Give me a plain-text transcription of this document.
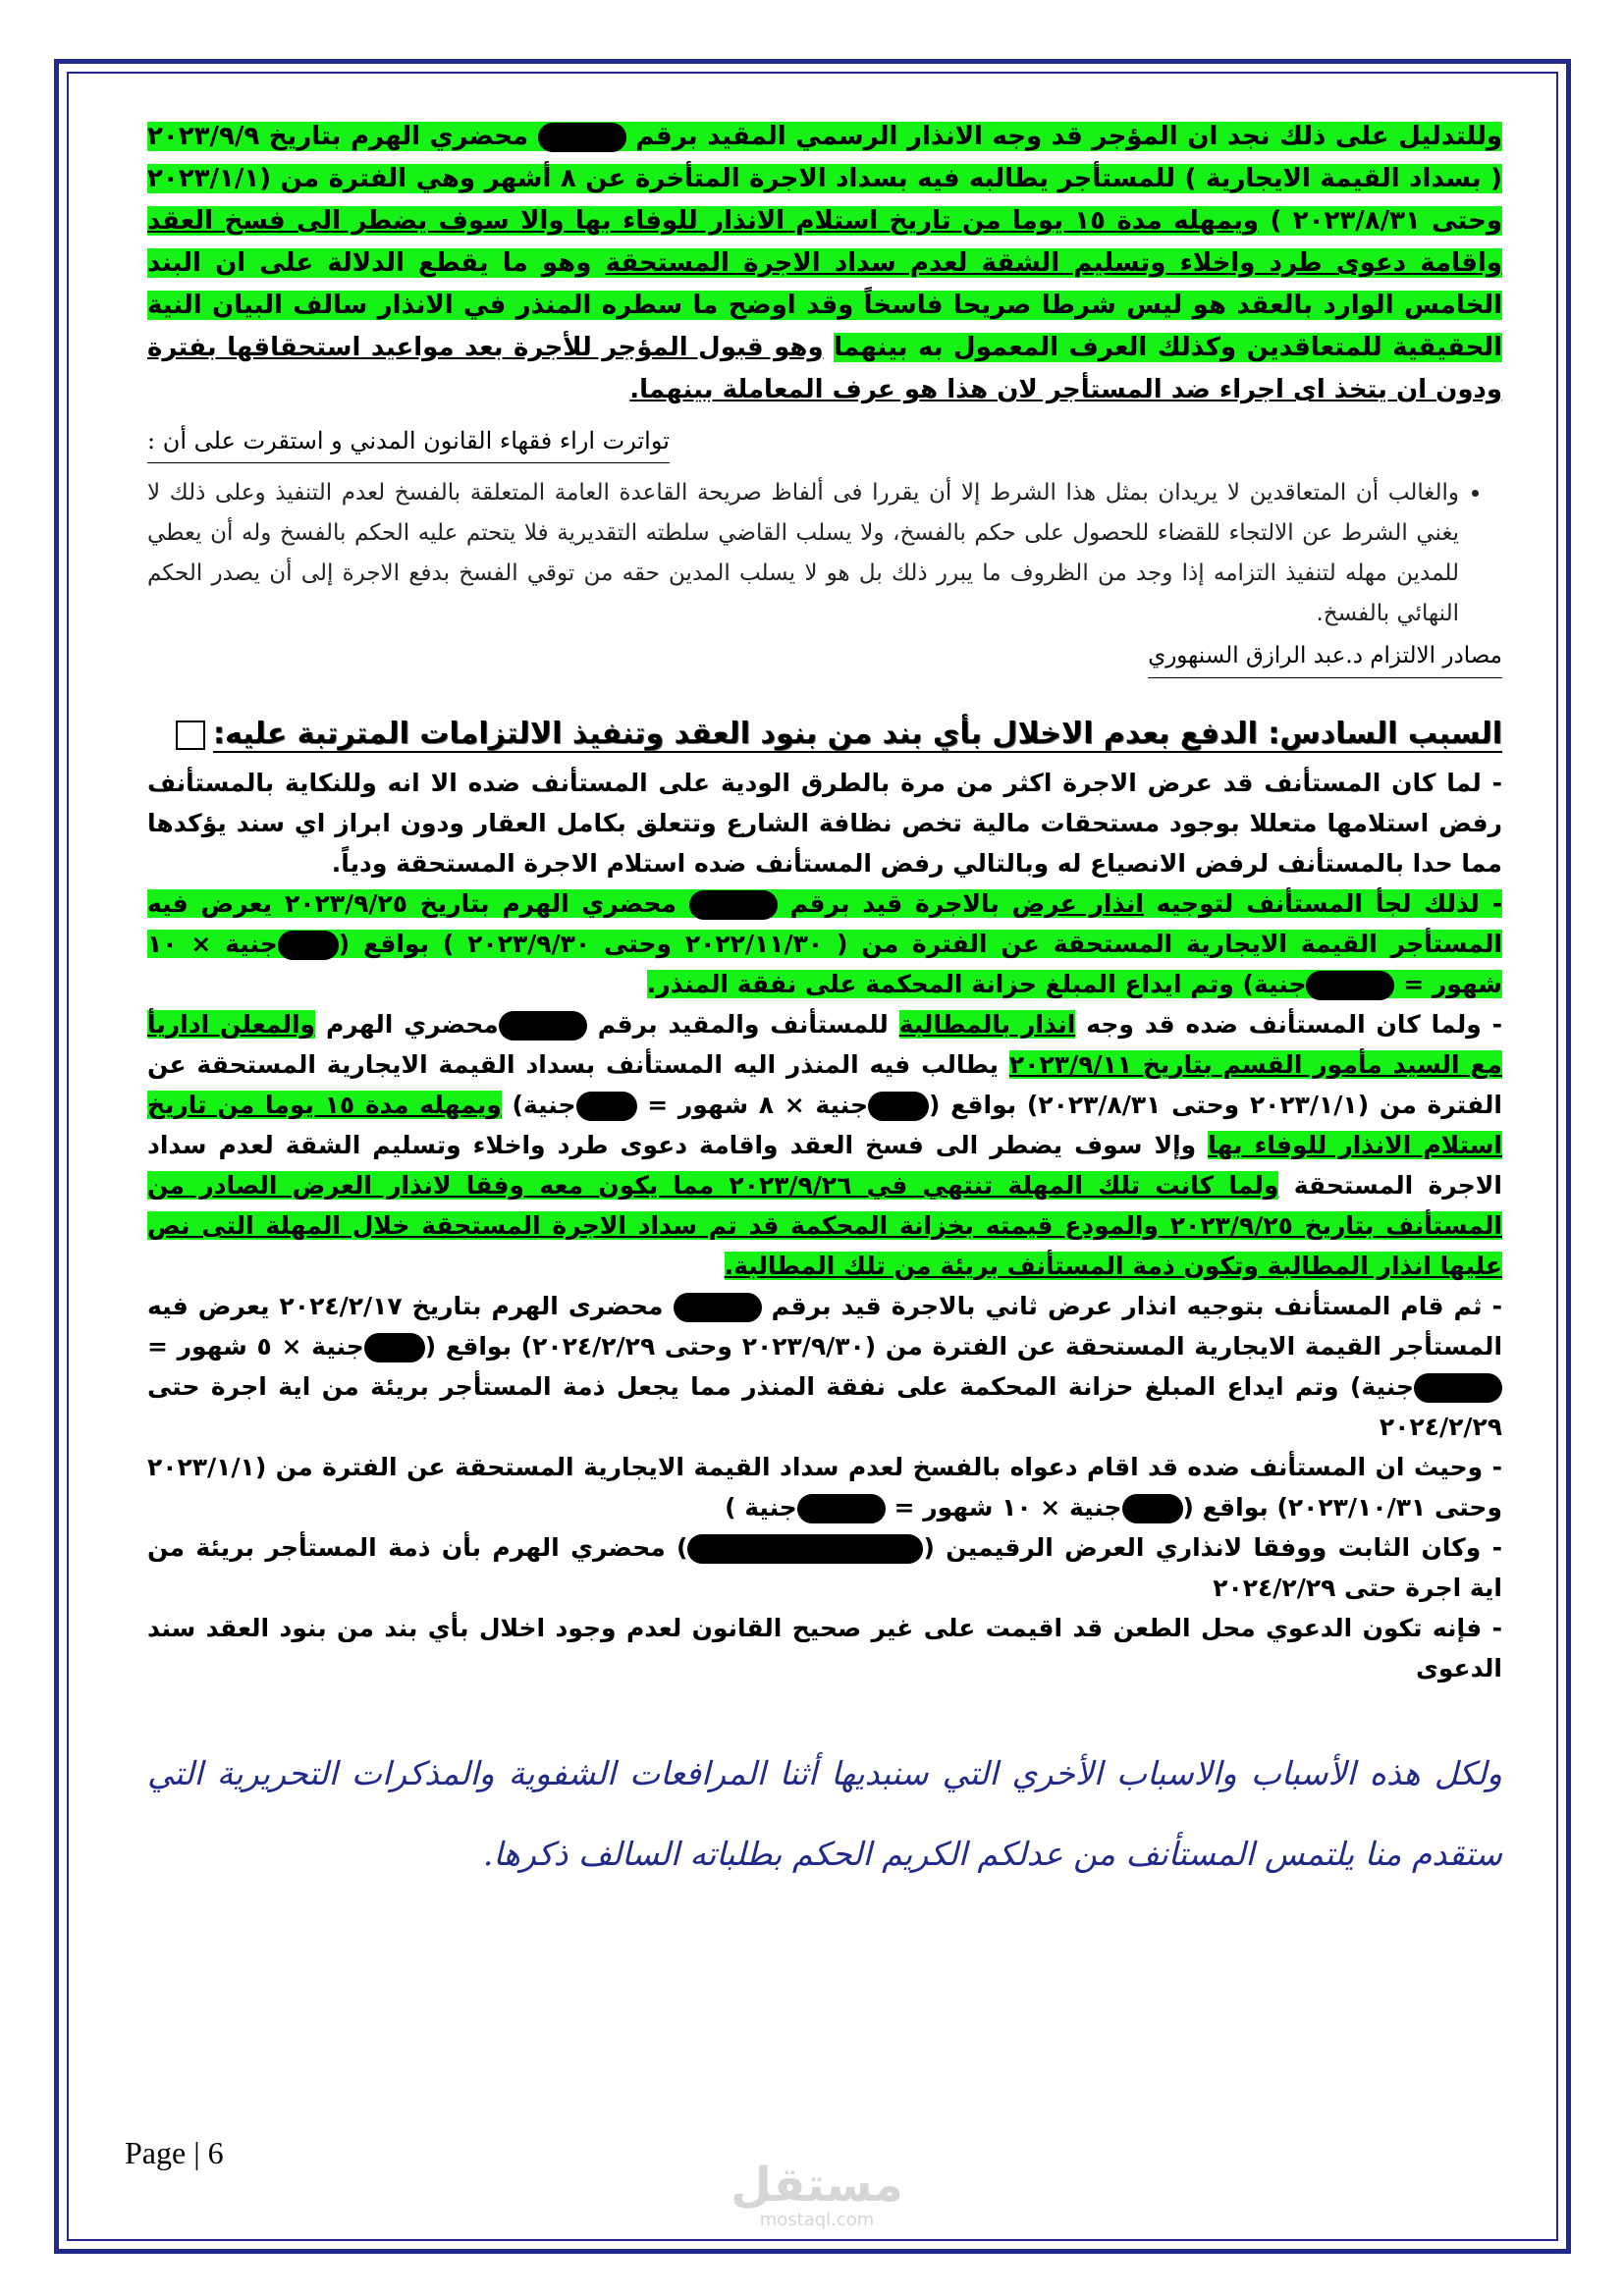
وللتدليل على ذلك نجد ان المؤجر قد وجه الانذار الرسمي المقيد برقم  محضري الهرم بتاريخ ٢٠٢٣/٩/٩ ( بسداد القيمة الايجارية ) للمستأجر يطالبه فيه بسداد الاجرة المتأخرة عن ٨ أشهر وهي الفترة من (٢٠٢٣/١/١ وحتى ٢٠٢٣/٨/٣١ ) ويمهله مدة ١٥ يوما من تاريخ استلام الانذار للوفاء بها والا سوف يضطر الى فسخ العقد واقامة دعوى طرد واخلاء وتسليم الشقة لعدم سداد الاجرة المستحقة وهو ما يقطع الدلالة على ان البند الخامس الوارد بالعقد هو ليس شرطا صريحا فاسخاً وقد اوضح ما سطره المنذر في الانذار سالف البيان النية الحقيقية للمتعاقدين وكذلك العرف المعمول به بينهما وهو قبول المؤجر للأجرة بعد مواعيد استحقاقها بفترة ودون ان يتخذ اى اجراء ضد المستأجر لان هذا هو عرف المعاملة بينهما.

تواترت اراء فقهاء القانون المدني و استقرت على أن :
• والغالب أن المتعاقدين لا يريدان بمثل هذا الشرط إلا أن يقررا فى ألفاظ صريحة القاعدة العامة المتعلقة بالفسخ لعدم التنفيذ وعلى ذلك لا يغني الشرط عن الالتجاء للقضاء للحصول على حكم بالفسخ، ولا يسلب القاضي سلطته التقديرية فلا يتحتم عليه الحكم بالفسخ وله أن يعطي للمدين مهله لتنفيذ التزامه إذا وجد من الظروف ما يبرر ذلك بل هو لا يسلب المدين حقه من توقي الفسخ بدفع الاجرة إلى أن يصدر الحكم النهائي بالفسخ.
مصادر الالتزام د.عبد الرازق السنهوري
السبب السادس: الدفع بعدم الاخلال بأي بند من بنود العقد وتنفيذ الالتزامات المترتبة عليه:

- لما كان المستأنف قد عرض الاجرة اكثر من مرة بالطرق الودية على المستأنف ضده الا انه وللنكاية بالمستأنف رفض استلامها متعللا بوجود مستحقات مالية تخص نظافة الشارع وتتعلق بكامل العقار ودون ابراز اي سند يؤكدها مما حدا بالمستأنف لرفض الانصياع له وبالتالي رفض المستأنف ضده استلام الاجرة المستحقة ودياً.

- لذلك لجأ المستأنف لتوجيه انذار عرض بالاجرة قيد برقم  محضري الهرم بتاريخ ٢٠٢٣/٩/٢٥ يعرض فيه المستأجر القيمة الايجارية المستحقة عن الفترة من ( ٢٠٢٢/١١/٣٠ وحتى ٢٠٢٣/٩/٣٠ ) بواقع (جنية × ١٠ شهور = جنية) وتم ايداع المبلغ حزانة المحكمة على نفقة المنذر.

- ولما كان المستأنف ضده قد وجه انذار بالمطالبة للمستأنف والمقيد برقم محضري الهرم والمعلن اداريأ مع السيد مأمور القسم بتاريخ ٢٠٢٣/٩/١١ يطالب فيه المنذر اليه المستأنف بسداد القيمة الايجارية المستحقة عن الفترة من (٢٠٢٣/١/١ وحتى ٢٠٢٣/٨/٣١) بواقع (جنية × ٨ شهور = جنية) ويمهله مدة ١٥ يوما من تاريخ استلام الانذار للوفاء بها وإلا سوف يضطر الى فسخ العقد واقامة دعوى طرد واخلاء وتسليم الشقة لعدم سداد الاجرة المستحقة ولما كانت تلك المهلة تنتهي في ٢٠٢٣/٩/٢٦ مما يكون معه وفقا لانذار العرض الصادر من المستأنف بتاريخ ٢٠٢٣/٩/٢٥ والمودع قيمته بخزانة المحكمة قد تم سداد الاجرة المستحقة خلال المهلة التى نص عليها انذار المطالبة وتكون ذمة المستأنف بريئة من تلك المطالبة.

- ثم قام المستأنف بتوجيه انذار عرض ثاني بالاجرة قيد برقم  محضرى الهرم بتاريخ ٢٠٢٤/٢/١٧ يعرض فيه المستأجر القيمة الايجارية المستحقة عن الفترة من (٢٠٢٣/٩/٣٠ وحتى ٢٠٢٤/٢/٢٩) بواقع (جنية × ٥ شهور =جنية) وتم ايداع المبلغ حزانة المحكمة على نفقة المنذر مما يجعل ذمة المستأجر بريئة من اية اجرة حتى ٢٠٢٤/٢/٢٩

- وحيث ان المستأنف ضده قد اقام دعواه بالفسخ لعدم سداد القيمة الايجارية المستحقة عن الفترة من (٢٠٢٣/١/١ وحتى ٢٠٢٣/١٠/٣١) بواقع (جنية × ١٠ شهور = جنية )

- وكان الثابت ووفقا لانذاري العرض الرقيمين () محضري الهرم بأن ذمة المستأجر بريئة من اية اجرة حتى ٢٠٢٤/٢/٢٩

- فإنه تكون الدعوي محل الطعن قد اقيمت على غير صحيح القانون لعدم وجود اخلال بأي بند من بنود العقد سند الدعوى

ولكل هذه الأسباب والاسباب الأخري التي سنبديها أثنا المرافعات الشفوية والمذكرات التحريرية التي ستقدم منا يلتمس المستأنف من عدلكم الكريم الحكم بطلباته السالف ذكرها.

Page | 6
مستقل
mostaql.com
